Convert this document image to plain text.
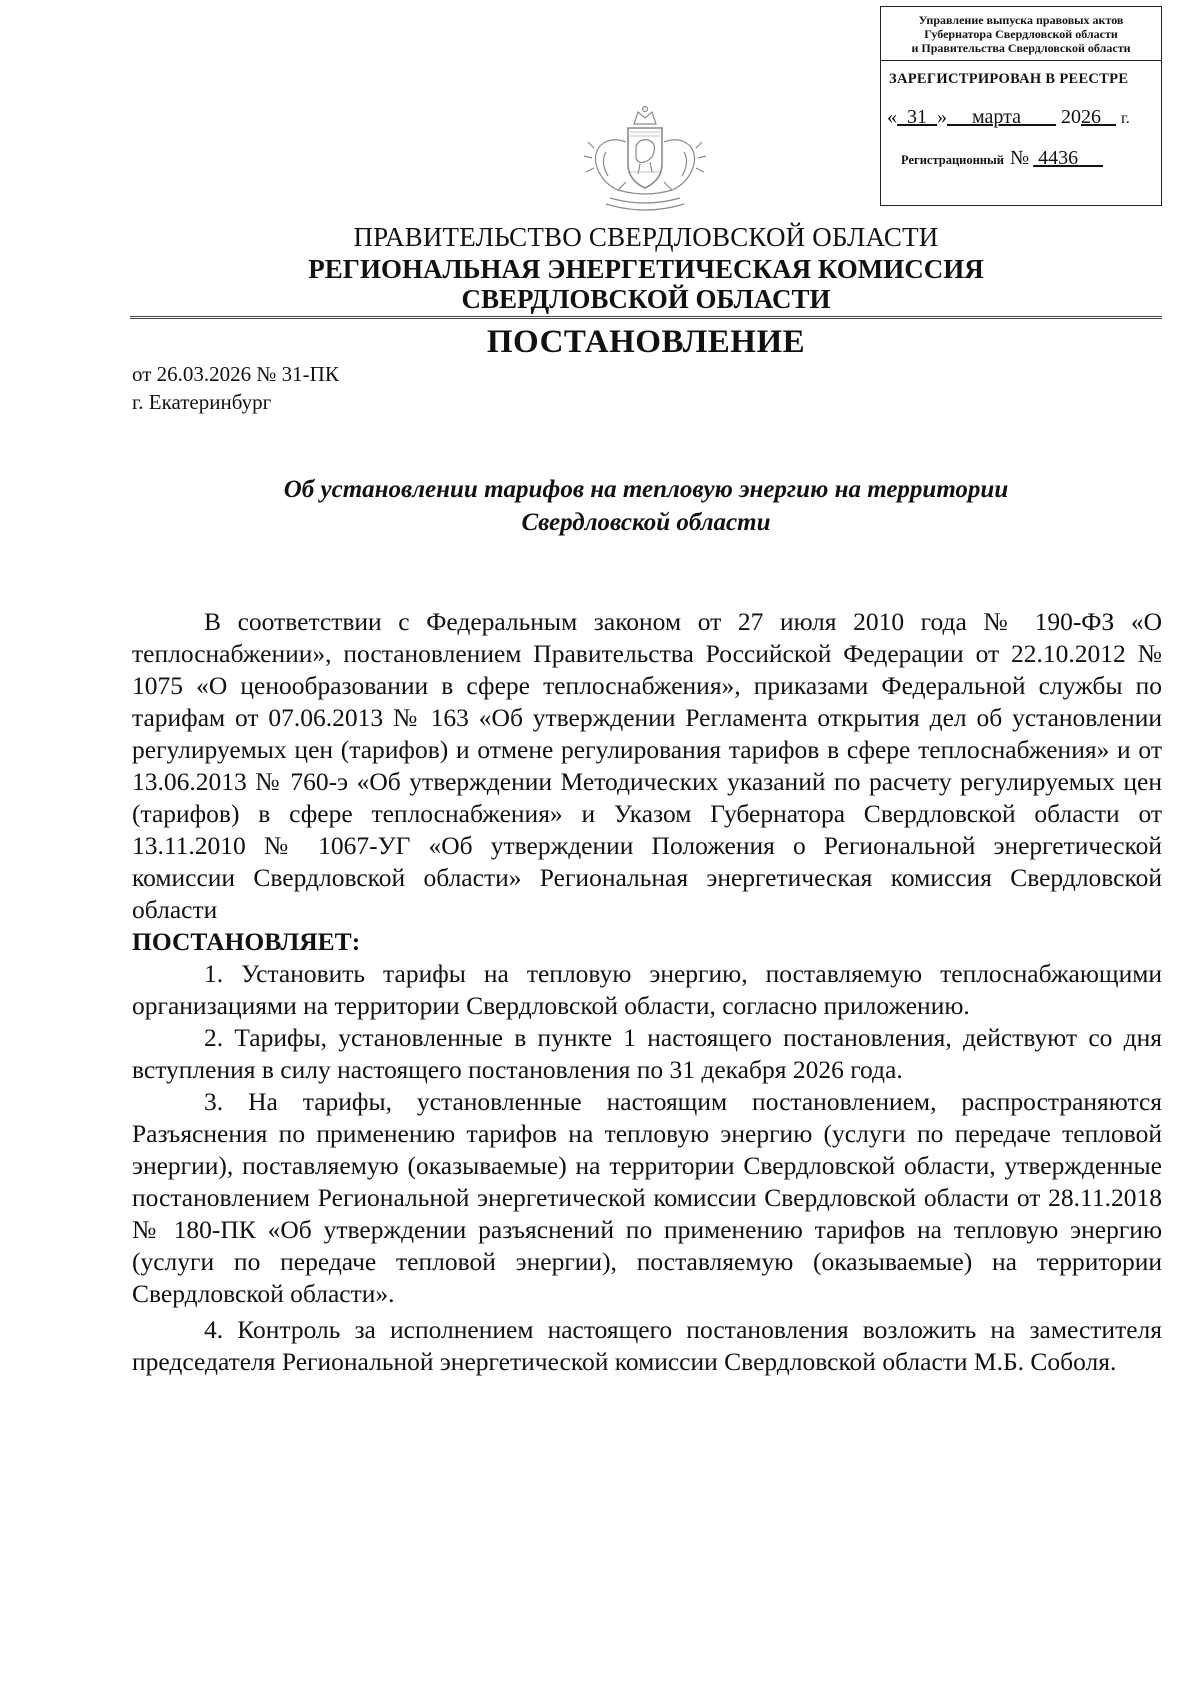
Управление выпуска правовых актов
Губернатора Свердловской области
и Правительства Свердловской области
ЗАРЕГИСТРИРОВАН В РЕЕСТРЕ
« 31 » марта 2026 г.
Регистрационный № 4436
ПРАВИТЕЛЬСТВО СВЕРДЛОВСКОЙ ОБЛАСТИ
РЕГИОНАЛЬНАЯ ЭНЕРГЕТИЧЕСКАЯ КОМИССИЯ
СВЕРДЛОВСКОЙ ОБЛАСТИ
ПОСТАНОВЛЕНИЕ
от 26.03.2026 № 31-ПК
г. Екатеринбург
Об установлении тарифов на тепловую энергию на территории
Свердловской области

В соответствии с Федеральным законом от 27 июля 2010 года № 190-ФЗ «О теплоснабжении», постановлением Правительства Российской Федерации от 22.10.2012 № 1075 «О ценообразовании в сфере теплоснабжения», приказами Федеральной службы по тарифам от 07.06.2013 № 163 «Об утверждении Регламента открытия дел об установлении регулируемых цен (тарифов) и отмене регулирования тарифов в сфере теплоснабжения» и от 13.06.2013 № 760-э «Об утверждении Методических указаний по расчету регулируемых цен (тарифов) в сфере теплоснабжения» и Указом Губернатора Свердловской области от 13.11.2010 № 1067-УГ «Об утверждении Положения о Региональной энергетической комиссии Свердловской области» Региональная энергетическая комиссия Свердловской области

ПОСТАНОВЛЯЕТ:

1. Установить тарифы на тепловую энергию, поставляемую теплоснабжающими организациями на территории Свердловской области, согласно приложению.

2. Тарифы, установленные в пункте 1 настоящего постановления, действуют со дня вступления в силу настоящего постановления по 31 декабря 2026 года.

3. На тарифы, установленные настоящим постановлением, распространяются Разъяснения по применению тарифов на тепловую энергию (услуги по передаче тепловой энергии), поставляемую (оказываемые) на территории Свердловской области, утвержденные постановлением Региональной энергетической комиссии Свердловской области от 28.11.2018 № 180-ПК «Об утверждении разъяснений по применению тарифов на тепловую энергию (услуги по передаче тепловой энергии), поставляемую (оказываемые) на территории Свердловской области».

4. Контроль за исполнением настоящего постановления возложить на заместителя председателя Региональной энергетической комиссии Свердловской области М.Б. Соболя.
